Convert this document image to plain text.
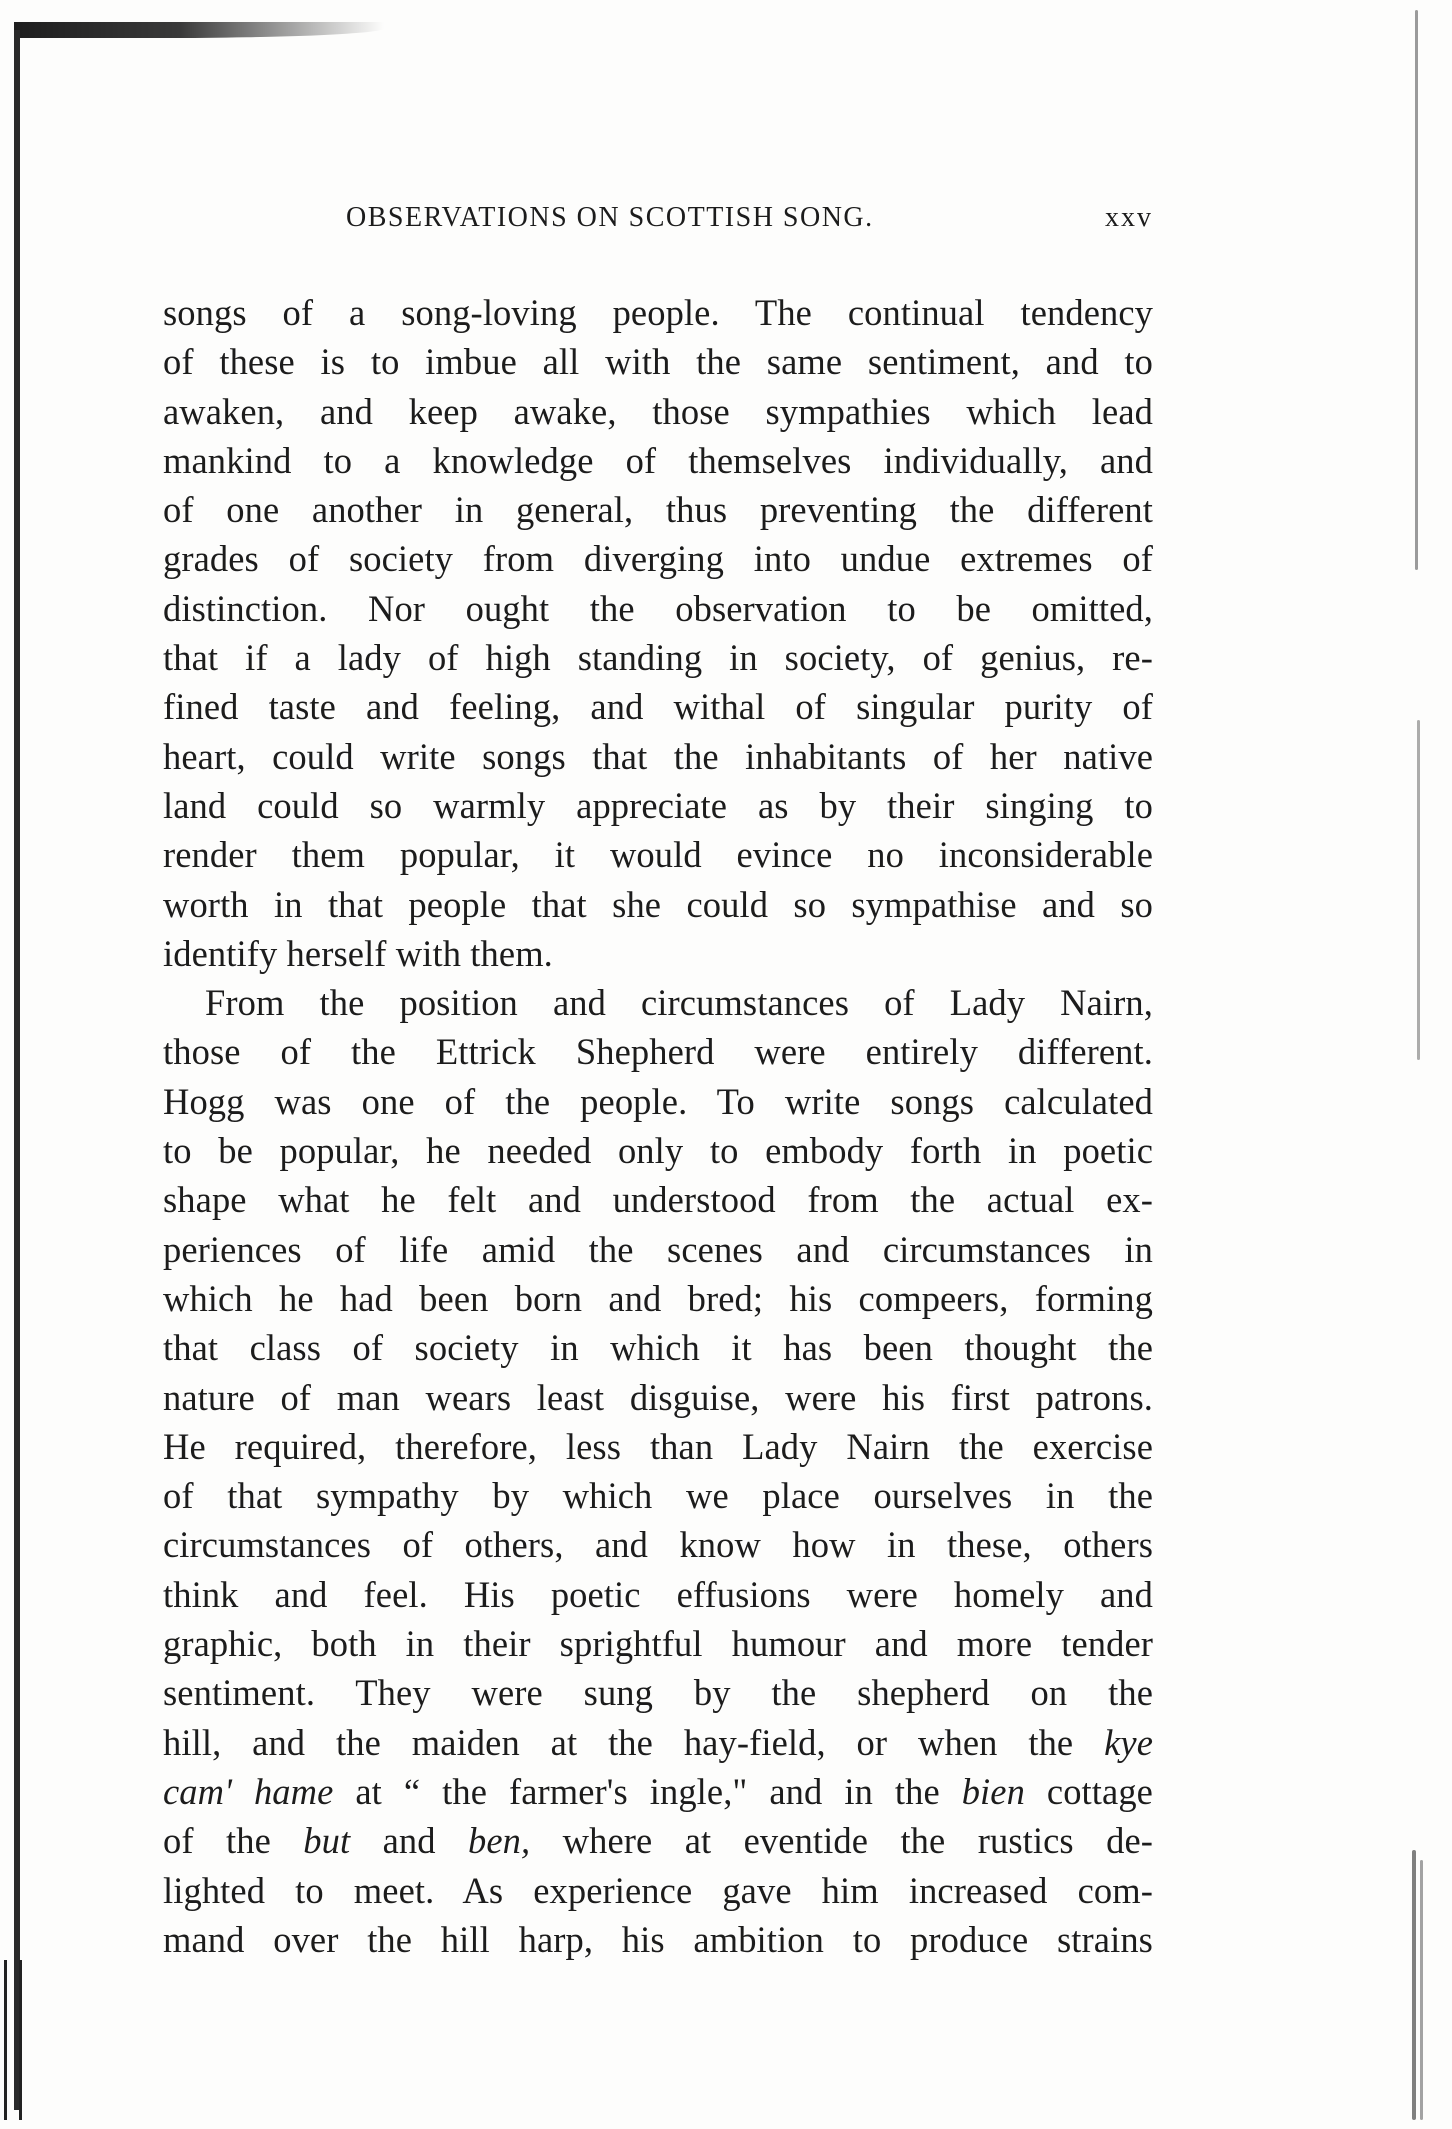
OBSERVATIONS ON SCOTTISH SONG.	xxv
songs of a song-loving people. The continual tendency
of these is to imbue all with the same sentiment, and to
awaken, and keep awake, those sympathies which lead
mankind to a knowledge of themselves individually, and
of one another in general, thus preventing the different
grades of society from diverging into undue extremes of
distinction. Nor ought the observation to be omitted,
that if a lady of high standing in society, of genius, re-
fined taste and feeling, and withal of singular purity of
heart, could write songs that the inhabitants of her native
land could so warmly appreciate as by their singing to
render them popular, it would evince no inconsiderable
worth in that people that she could so sympathise and so
identify herself with them.
From the position and circumstances of Lady Nairn,
those of the Ettrick Shepherd were entirely different.
Hogg was one of the people. To write songs calculated
to be popular, he needed only to embody forth in poetic
shape what he felt and understood from the actual ex-
periences of life amid the scenes and circumstances in
which he had been born and bred; his compeers, forming
that class of society in which it has been thought the
nature of man wears least disguise, were his first patrons.
He required, therefore, less than Lady Nairn the exercise
of that sympathy by which we place ourselves in the
circumstances of others, and know how in these, others
think and feel. His poetic effusions were homely and
graphic, both in their sprightful humour and more tender
sentiment. They were sung by the shepherd on the
hill, and the maiden at the hay-field, or when the kye
cam' hame at “ the farmer's ingle," and in the bien cottage
of the but and ben, where at eventide the rustics de-
lighted to meet. As experience gave him increased com-
mand over the hill harp, his ambition to produce strains
